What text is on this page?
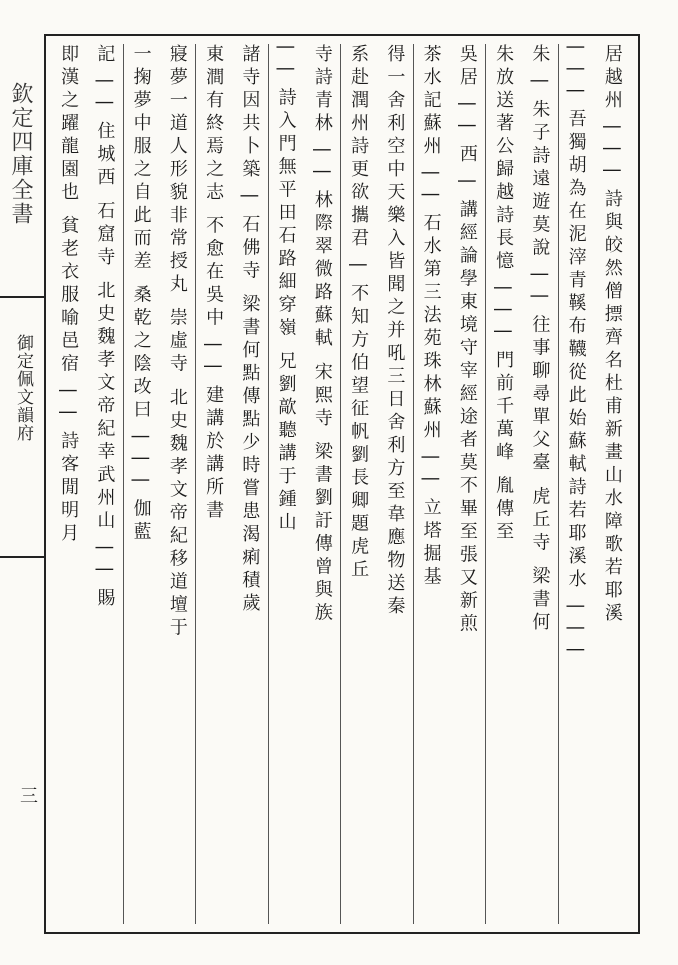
欽定四庫全書
御定佩文韻府
三
居越州 | | | 詩與皎然僧摽齊名杜甫新畫山水障歌若耶溪
| | | 吾獨胡為在泥滓青鞵布韈從此始蘇軾詩若耶溪水 | | |
朱 | 朱子詩遠遊莫說 | | 往事聊尋單父臺 虎丘寺 梁書何
朱放送著公歸越詩長憶 | | | 門前千萬峰 胤傳至
吳居 | | 西 | 講經論學東境守宰經途者莫不畢至張又新煎
茶水記蘇州 | | 石水第三法苑珠林蘇州 | | 立塔掘基
得一舍利空中天樂入皆聞之并吼三日舍利方至韋應物送秦
系赴潤州詩更欲攜君 | 不知方伯望征帆劉長卿題虎丘
寺詩青林 | | 林際翠微路蘇軾 宋熙寺 梁書劉訏傳曾與族
| | 詩入門無平田石路細穿嶺 兄劉歊聽講于鍾山
諸寺因共卜築 | 石佛寺 梁書何點傳點少時嘗患渴痢積歲
東澗有終焉之志 不愈在吳中 | | 建講於講所書
寢夢一道人形貌非常授丸 崇虛寺 北史魏孝文帝紀移道壇于
一掬夢中服之自此而差 桑乾之陰改曰 | | | 伽藍
記 | | 住城西 石窟寺 北史魏孝文帝紀幸武州山 | | 賜
即漢之躍龍園也 貧老衣服喻邑宿 | | 詩客閒明月
